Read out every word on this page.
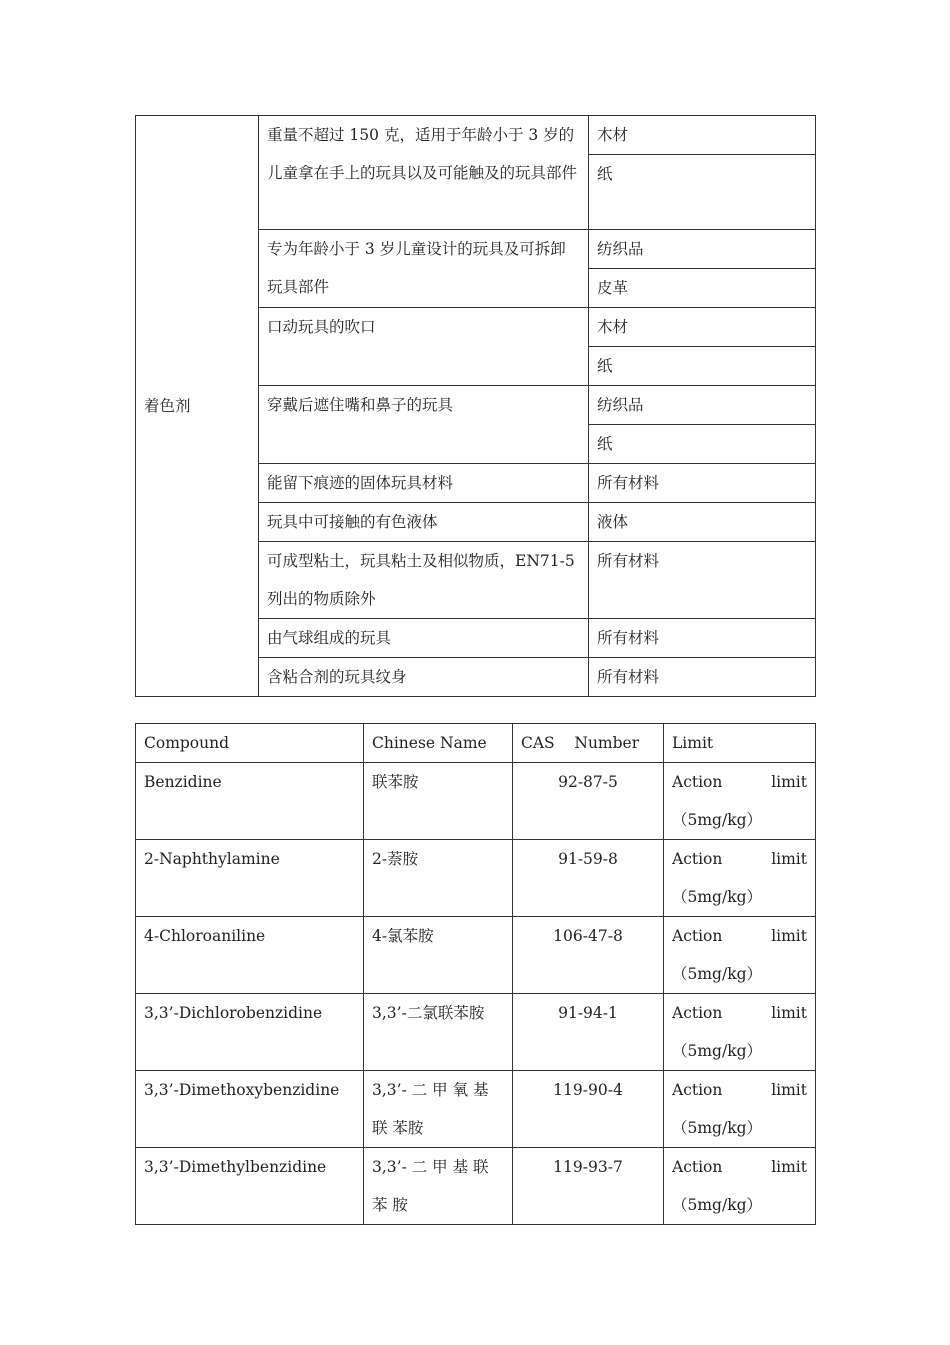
着色剂	重量不超过 150 克，适用于年龄小于 3 岁的儿童拿在手上的玩具以及可能触及的玩具部件	木材
		纸
	专为年龄小于 3 岁儿童设计的玩具及可拆卸玩具部件	纺织品
		皮革
	口动玩具的吹口	木材
		纸
	穿戴后遮住嘴和鼻子的玩具	纺织品
		纸
	能留下痕迹的固体玩具材料	所有材料
	玩具中可接触的有色液体	液体
	可成型粘土，玩具粘土及相似物质，EN71-5 列出的物质除外	所有材料
	由气球组成的玩具	所有材料
	含粘合剂的玩具纹身	所有材料
Compound	Chinese Name	CAS    Number	Limit
Benzidine	联苯胺	92-87-5	Action limit
（5mg/kg）

2-Naphthylamine	2-萘胺	91-59-8	Action limit
（5mg/kg）

4-Chloroaniline	4-氯苯胺	106-47-8	Action limit
（5mg/kg）

3,3’-Dichlorobenzidine	3,3’-二氯联苯胺	91-94-1	Action limit
（5mg/kg）

3,3’-Dimethoxybenzidine	3,3’- 二 甲 氧 基 联 苯胺	119-90-4	Action limit
（5mg/kg）

3,3’-Dimethylbenzidine	3,3’- 二 甲 基 联 苯 胺	119-93-7	Action limit
（5mg/kg）
